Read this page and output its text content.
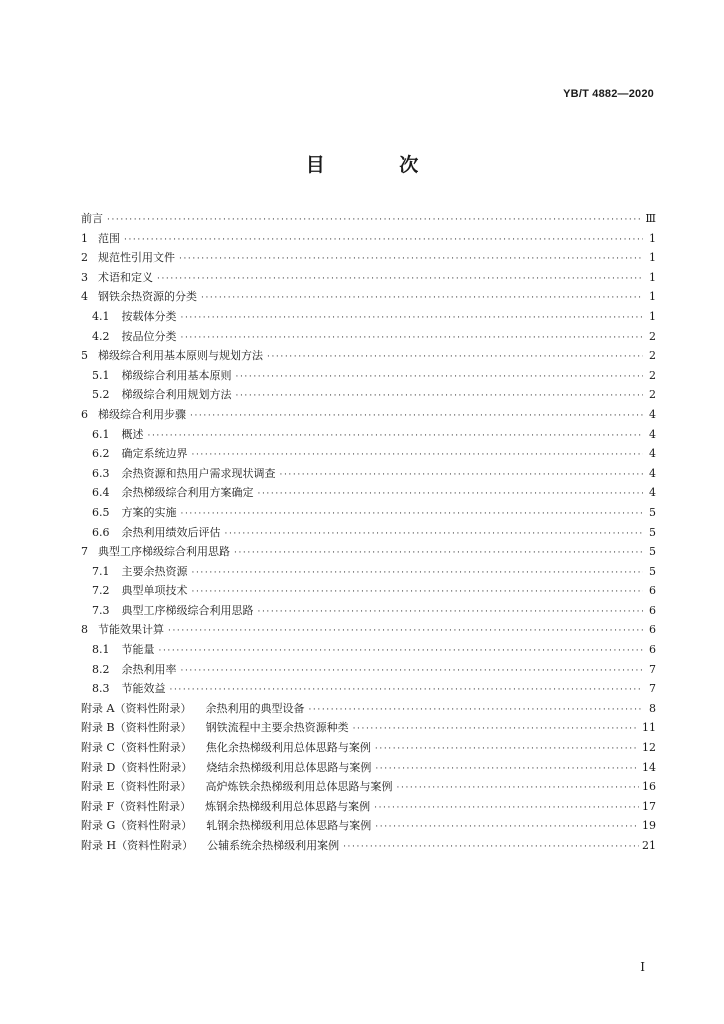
YB/T 4882—2020
目 次
前言 ·····	Ⅲ
1 范围 ·····	1
2 规范性引用文件 ·····	1
3 术语和定义 ·····	1
4 钢铁余热资源的分类 ·····	1
4.1 按载体分类 ·····	1
4.2 按品位分类 ·····	2
5 梯级综合利用基本原则与规划方法 ·····	2
5.1 梯级综合利用基本原则 ·····	2
5.2 梯级综合利用规划方法 ·····	2
6 梯级综合利用步骤 ·····	4
6.1 概述 ·····	4
6.2 确定系统边界 ·····	4
6.3 余热资源和热用户需求现状调查 ·····	4
6.4 余热梯级综合利用方案确定 ·····	4
6.5 方案的实施 ·····	5
6.6 余热利用绩效后评估 ·····	5
7 典型工序梯级综合利用思路 ·····	5
7.1 主要余热资源 ·····	5
7.2 典型单项技术 ·····	6
7.3 典型工序梯级综合利用思路 ·····	6
8 节能效果计算 ·····	6
8.1 节能量 ·····	6
8.2 余热利用率 ·····	7
8.3 节能效益 ·····	7
附录 A（资料性附录） 余热利用的典型设备 ·····	8
附录 B（资料性附录） 钢铁流程中主要余热资源种类 ·····	11
附录 C（资料性附录） 焦化余热梯级利用总体思路与案例 ·····	12
附录 D（资料性附录） 烧结余热梯级利用总体思路与案例 ·····	14
附录 E（资料性附录） 高炉炼铁余热梯级利用总体思路与案例 ·····	16
附录 F（资料性附录） 炼钢余热梯级利用总体思路与案例 ·····	17
附录 G（资料性附录） 轧钢余热梯级利用总体思路与案例 ·····	19
附录 H（资料性附录） 公辅系统余热梯级利用案例 ·····	21
Ⅰ
